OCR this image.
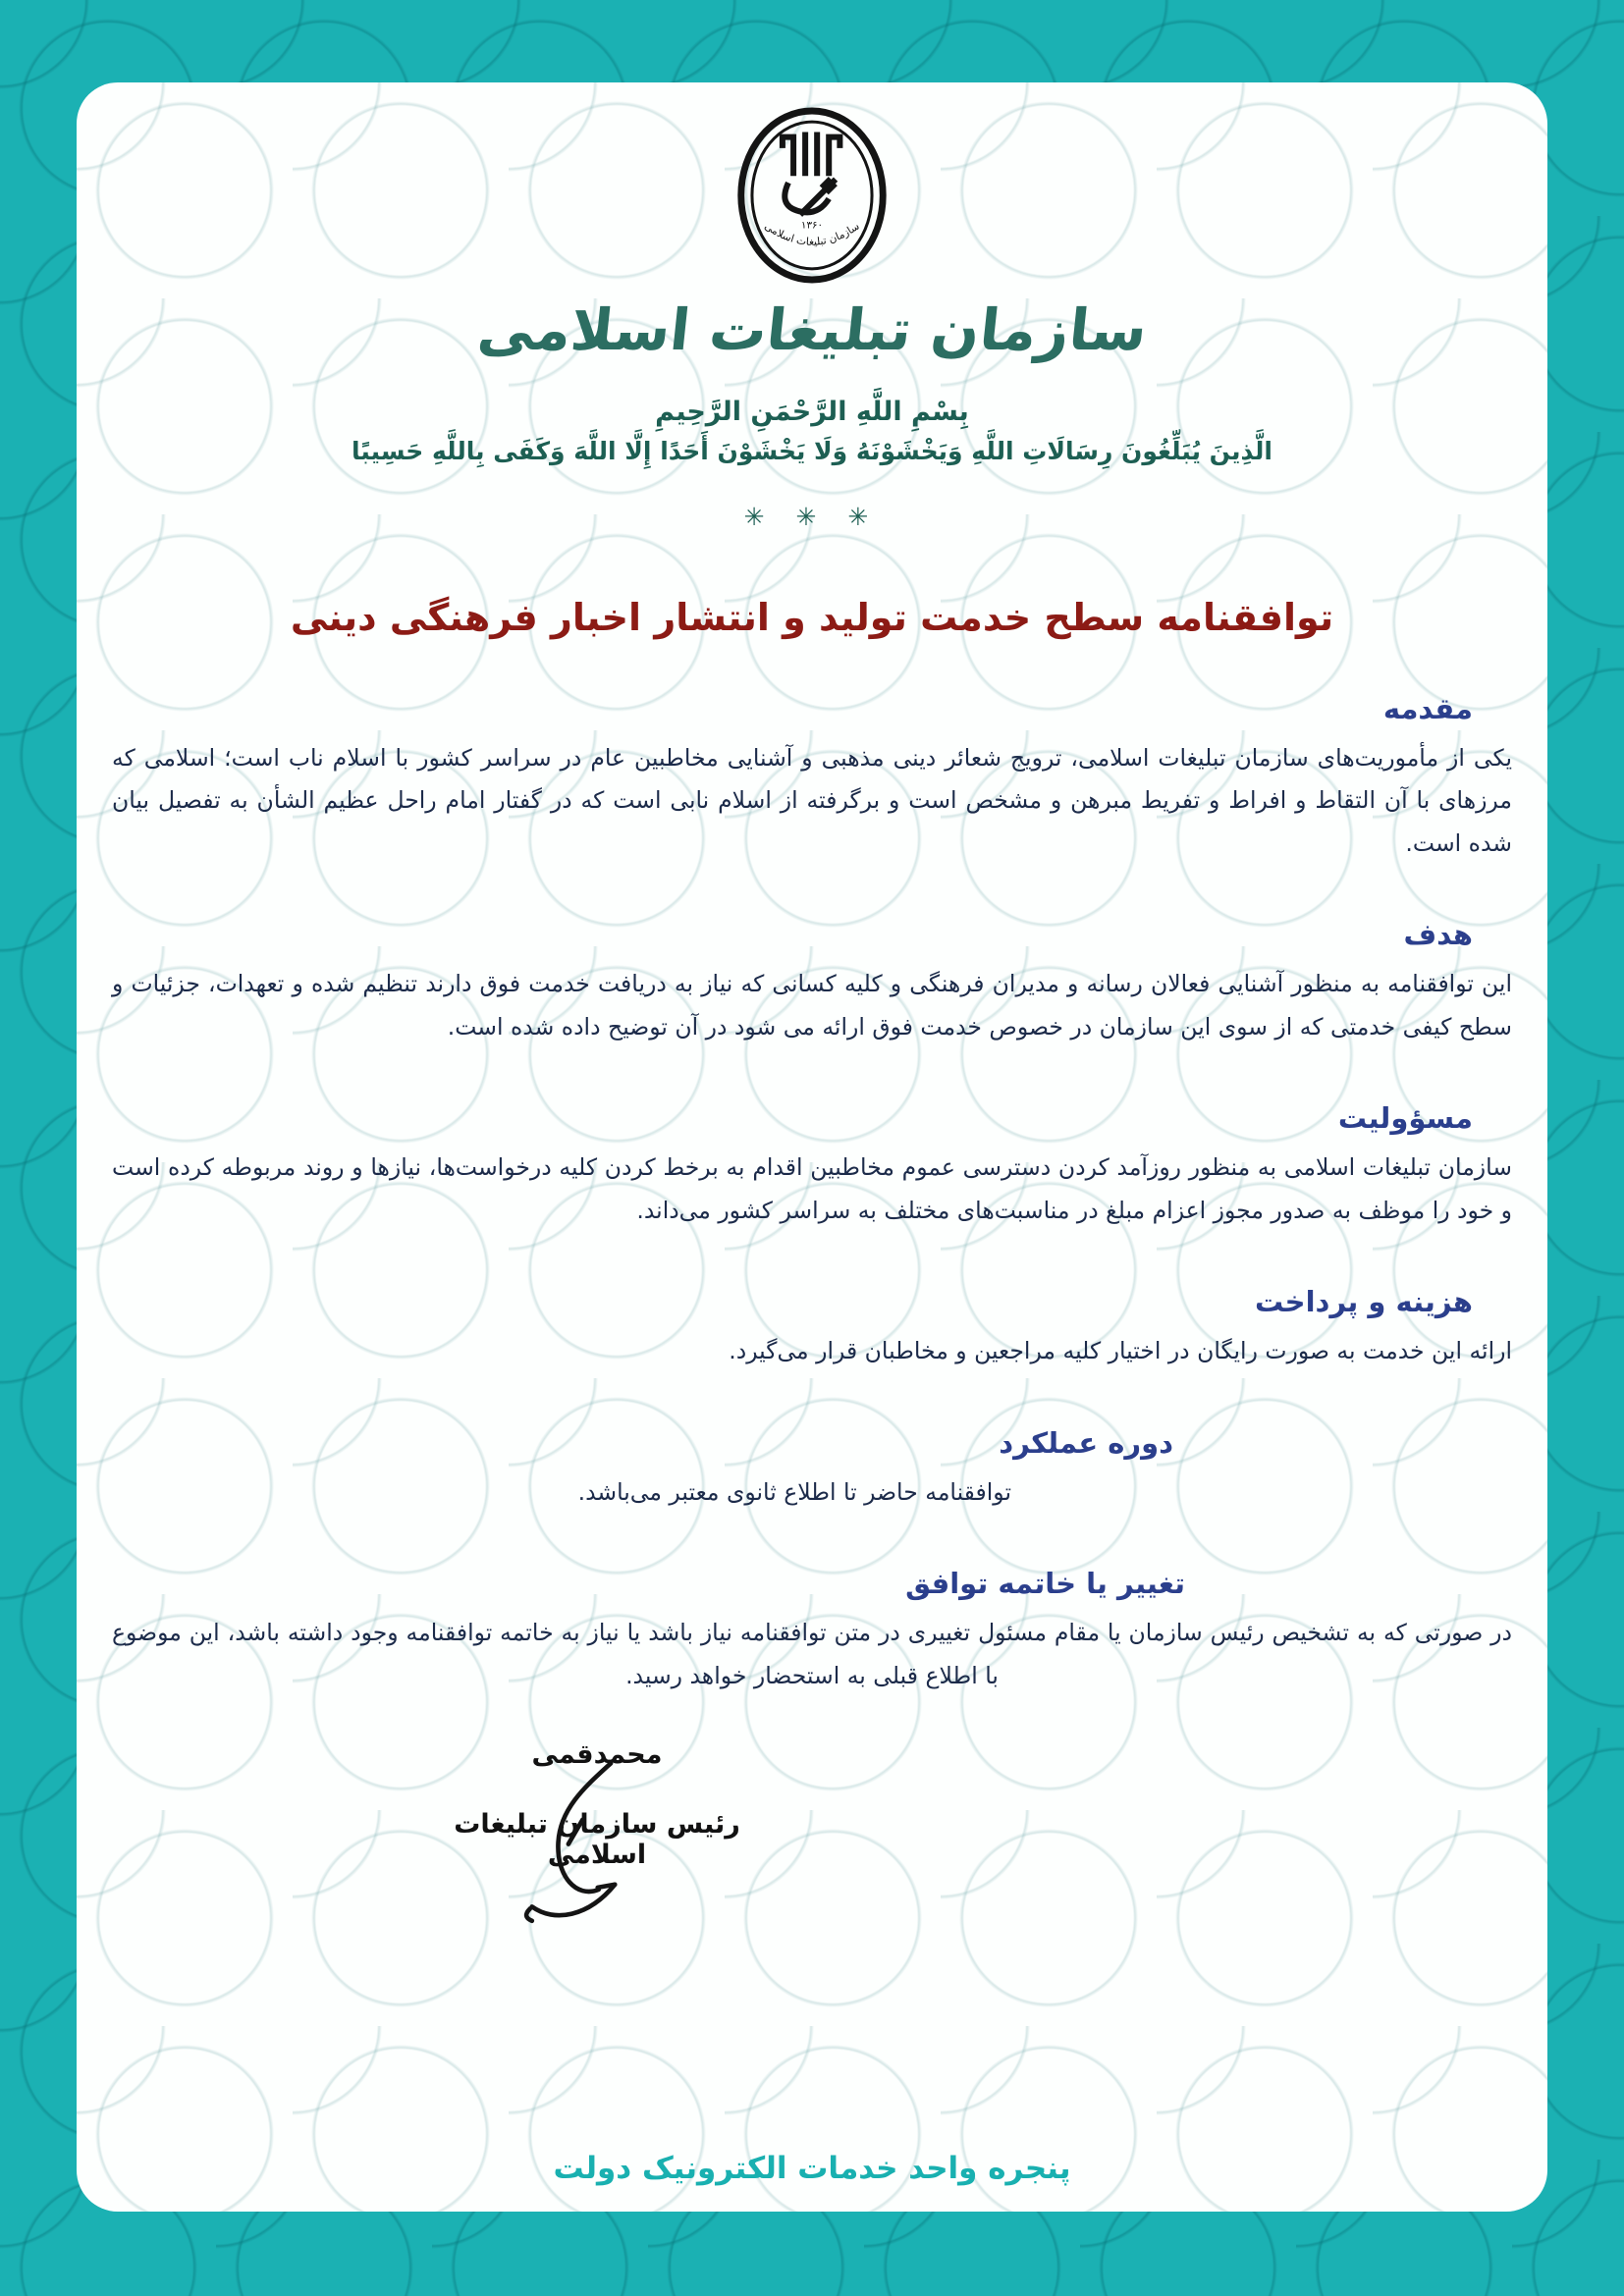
۱۳۶۰
سازمان تبلیغات اسلامی
سازمان تبلیغات اسلامی
بِسْمِ اللَّهِ الرَّحْمَنِ الرَّحِيمِ
الَّذِينَ يُبَلِّغُونَ رِسَالَاتِ اللَّهِ وَيَخْشَوْنَهُ وَلَا يَخْشَوْنَ أَحَدًا إِلَّا اللَّهَ وَكَفَى بِاللَّهِ حَسِيبًا
✳ ✳ ✳
توافقنامه سطح خدمت تولید و انتشار اخبار فرهنگی دینی
مقدمه
یکی از مأموریت‌های سازمان تبلیغات اسلامی، ترویج شعائر دینی مذهبی و آشنایی مخاطبین عام در سراسر کشور با اسلام ناب است؛ اسلامی که مرزهای با آن التقاط و افراط و تفریط مبرهن و مشخص است و برگرفته از اسلام نابی است که در گفتار امام راحل عظیم الشأن به تفصیل بیان شده است.
هدف
این توافقنامه به منظور آشنایی فعالان رسانه و مدیران فرهنگی و کلیه کسانی که نیاز به دریافت خدمت فوق دارند تنظیم شده و تعهدات، جزئیات و سطح کیفی خدمتی که از سوی این سازمان در خصوص خدمت فوق ارائه می شود در آن توضیح داده شده است.
مسؤولیت
سازمان تبلیغات اسلامی به منظور روزآمد کردن دسترسی عموم مخاطبین اقدام به برخط کردن کلیه درخواست‌ها، نیازها و روند مربوطه کرده است و خود را موظف به صدور مجوز اعزام مبلغ در مناسبت‌های مختلف به سراسر کشور می‌داند.
هزینه و پرداخت
ارائه این خدمت به صورت رایگان در اختیار کلیه مراجعین و مخاطبان قرار می‌گیرد.
دوره عملکرد
توافقنامه حاضر تا اطلاع ثانوی معتبر می‌باشد.
تغییر یا خاتمه توافق
در صورتی که به تشخیص رئیس سازمان یا مقام مسئول تغییری در متن توافقنامه نیاز باشد یا نیاز به خاتمه توافقنامه وجود داشته باشد، این موضوع با اطلاع قبلی به استحضار خواهد رسید.
محمدقمی
رئیس سازمان تبلیغات اسلامی
پنجره واحد خدمات الکترونیک دولت
